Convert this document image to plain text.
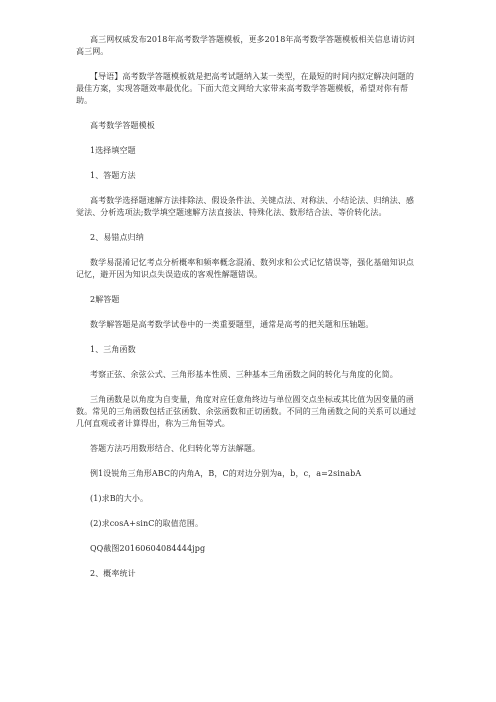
高三网权威发布2018年高考数学答题模板，更多2018年高考数学答题模板相关信息请访问高三网。

【导语】高考数学答题模板就是把高考试题纳入某一类型，在最短的时间内拟定解决问题的最佳方案，实现答题效率最优化。下面大范文网给大家带来高考数学答题模板，希望对你有帮助。

高考数学答题模板

1选择填空题

1、答题方法

高考数学选择题速解方法排除法、假设条件法、关键点法、对称法、小结论法、归纳法、感觉法、分析选项法;数学填空题速解方法直接法、特殊化法、数形结合法、等价转化法。

2、易错点归纳

数学易混淆记忆考点分析概率和频率概念混淆、数列求和公式记忆错误等，强化基础知识点记忆，避开因为知识点失误造成的客观性解题错误。

2解答题

数学解答题是高考数学试卷中的一类重要题型，通常是高考的把关题和压轴题。

1、三角函数

考察正弦、余弦公式、三角形基本性质、三种基本三角函数之间的转化与角度的化简。

三角函数是以角度为自变量，角度对应任意角终边与单位圆交点坐标或其比值为因变量的函数。常见的三角函数包括正弦函数、余弦函数和正切函数。不同的三角函数之间的关系可以通过几何直观或者计算得出，称为三角恒等式。

答题方法巧用数形结合、化归转化等方法解题。

例1设锐角三角形ABC的内角A，B，C的对边分别为a，b，c，a=2sinabA

(1)求B的大小。

(2)求cosA+sinC的取值范围。

QQ截图20160604084444jpg

2、概率统计
